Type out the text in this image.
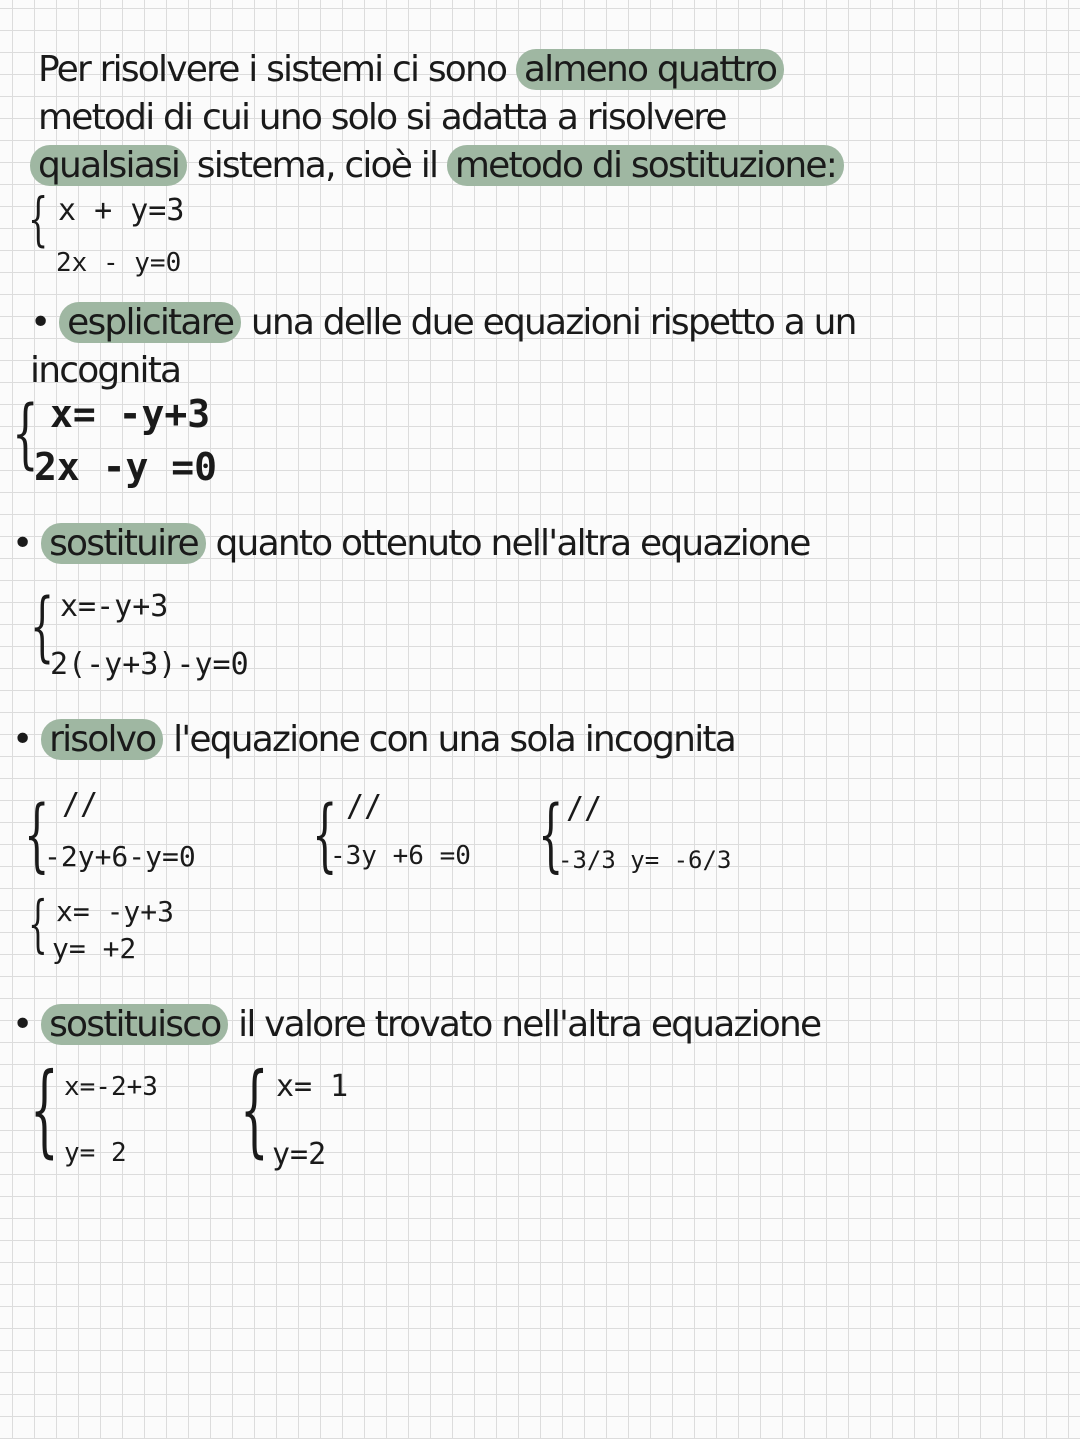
Per risolvere i sistemi ci sono almeno quattro
metodi di cui uno solo si adatta a risolvere
qualsiasi sistema, cioè il metodo di sostituzione:
{ x + y=3
2x - y=0
• esplicitare una delle due equazioni rispetto a un
incognita
{ x= -y+3
2x -y =0
• sostituire quanto ottenuto nell'altra equazione
{ x=-y+3
2(-y+3)-y=0
• risolvo l'equazione con una sola incognita
{ //
-2y+6-y=0 { //
-3y +6 =0 { //
-3/3 y= -6/3
{ x= -y+3
y= +2
• sostituisco il valore trovato nell'altra equazione
{ x=-2+3
y= 2 { x= 1
y=2
